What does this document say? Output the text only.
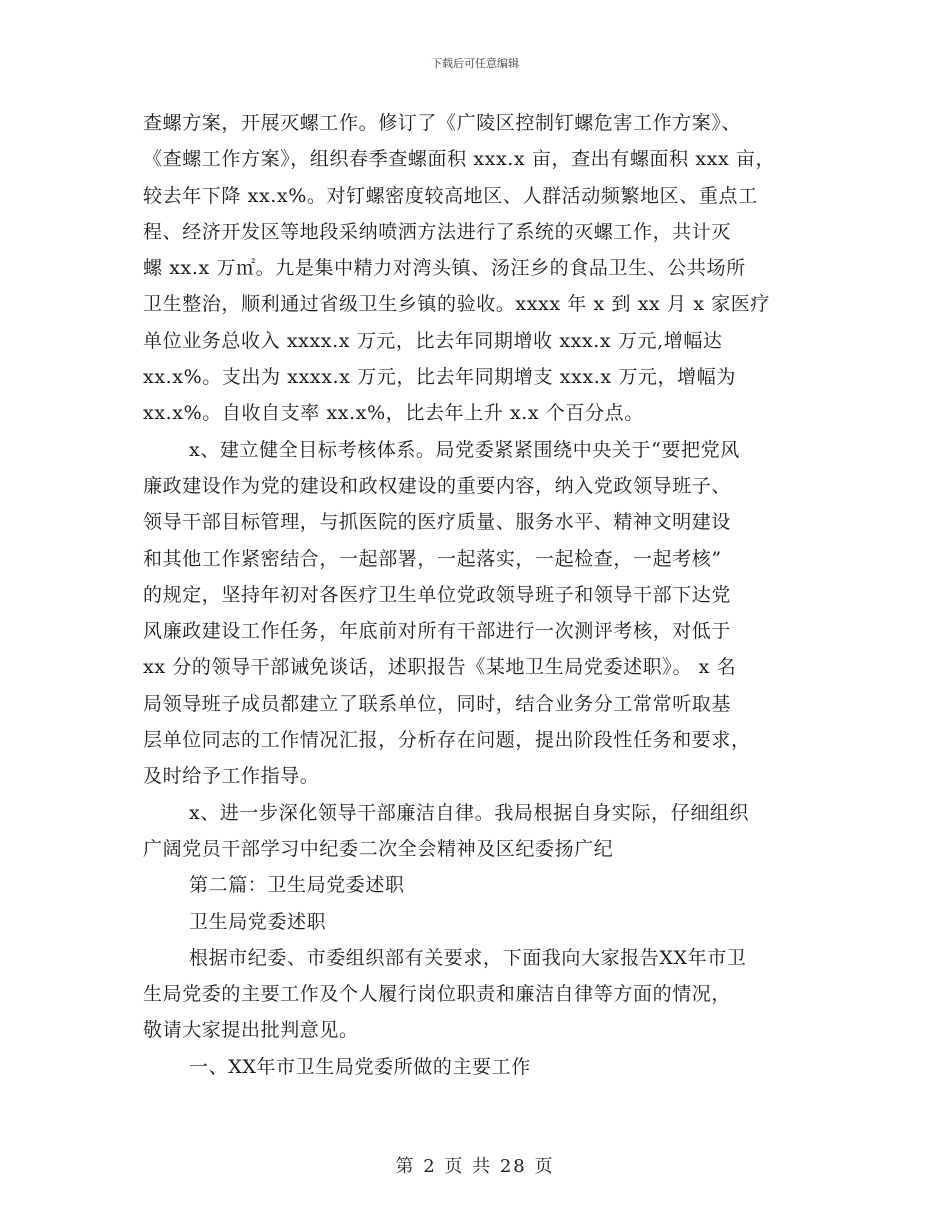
下载后可任意编辑
查螺方案，开展灭螺工作。修订了《广陵区控制钉螺危害工作方案》、
《查螺工作方案》，组织春季查螺面积 xxx.x 亩，查出有螺面积 xxx 亩，
较去年下降 xx.x%。对钉螺密度较高地区、人群活动频繁地区、重点工
程、经济开发区等地段采纳喷洒方法进行了系统的灭螺工作，共计灭
螺 xx.x 万㎡。九是集中精力对湾头镇、汤汪乡的食品卫生、公共场所
卫生整治，顺利通过省级卫生乡镇的验收。xxxx 年 x 到 xx 月 x 家医疗
单位业务总收入 xxxx.x 万元，比去年同期增收 xxx.x 万元,增幅达
xx.x%。支出为 xxxx.x 万元，比去年同期增支 xxx.x 万元，增幅为
xx.x%。自收自支率 xx.x%，比去年上升 x.x 个百分点。
x、建立健全目标考核体系。局党委紧紧围绕中央关于“要把党风
廉政建设作为党的建设和政权建设的重要内容，纳入党政领导班子、
领导干部目标管理，与抓医院的医疗质量、服务水平、精神文明建设
和其他工作紧密结合，一起部署，一起落实，一起检查，一起考核”
的规定，坚持年初对各医疗卫生单位党政领导班子和领导干部下达党
风廉政建设工作任务，年底前对所有干部进行一次测评考核，对低于
xx 分的领导干部诫免谈话，述职报告《某地卫生局党委述职》。 x 名
局领导班子成员都建立了联系单位，同时，结合业务分工常常听取基
层单位同志的工作情况汇报，分析存在问题，提出阶段性任务和要求，
及时给予工作指导。
x、进一步深化领导干部廉洁自律。我局根据自身实际，仔细组织
广阔党员干部学习中纪委二次全会精神及区纪委扬广纪
第二篇：卫生局党委述职
卫生局党委述职
根据市纪委、市委组织部有关要求，下面我向大家报告XX年市卫
生局党委的主要工作及个人履行岗位职责和廉洁自律等方面的情况，
敬请大家提出批判意见。
一、XX年市卫生局党委所做的主要工作
第 2 页 共 28 页
